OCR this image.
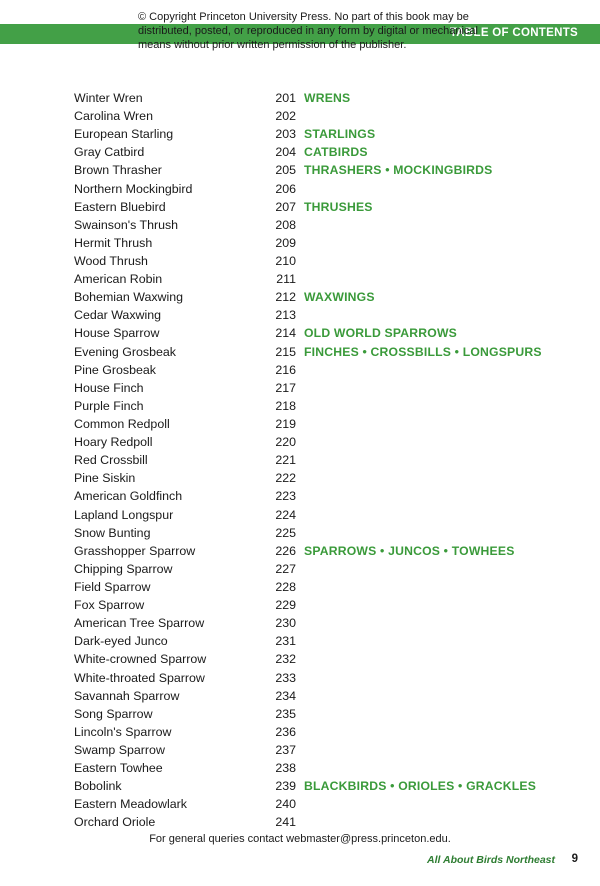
TABLE OF CONTENTS
© Copyright Princeton University Press. No part of this book may be
distributed, posted, or reproduced in any form by digital or mechanical
means without prior written permission of the publisher.
Winter Wren	201 WRENS
Carolina Wren	202
European Starling	203 STARLINGS
Gray Catbird	204 CATBIRDS
Brown Thrasher	205 THRASHERS • MOCKINGBIRDS
Northern Mockingbird	206
Eastern Bluebird	207 THRUSHES
Swainson's Thrush	208
Hermit Thrush	209
Wood Thrush	210
American Robin	211
Bohemian Waxwing	212 WAXWINGS
Cedar Waxwing	213
House Sparrow	214 OLD WORLD SPARROWS
Evening Grosbeak	215 FINCHES • CROSSBILLS • LONGSPURS
Pine Grosbeak	216
House Finch	217
Purple Finch	218
Common Redpoll	219
Hoary Redpoll	220
Red Crossbill	221
Pine Siskin	222
American Goldfinch	223
Lapland Longspur	224
Snow Bunting	225
Grasshopper Sparrow	226 SPARROWS • JUNCOS • TOWHEES
Chipping Sparrow	227
Field Sparrow	228
Fox Sparrow	229
American Tree Sparrow	230
Dark-eyed Junco	231
White-crowned Sparrow	232
White-throated Sparrow	233
Savannah Sparrow	234
Song Sparrow	235
Lincoln's Sparrow	236
Swamp Sparrow	237
Eastern Towhee	238
Bobolink	239 BLACKBIRDS • ORIOLES • GRACKLES
Eastern Meadowlark	240
Orchard Oriole	241
For general queries contact webmaster@press.princeton.edu.
All About Birds Northeast 9
